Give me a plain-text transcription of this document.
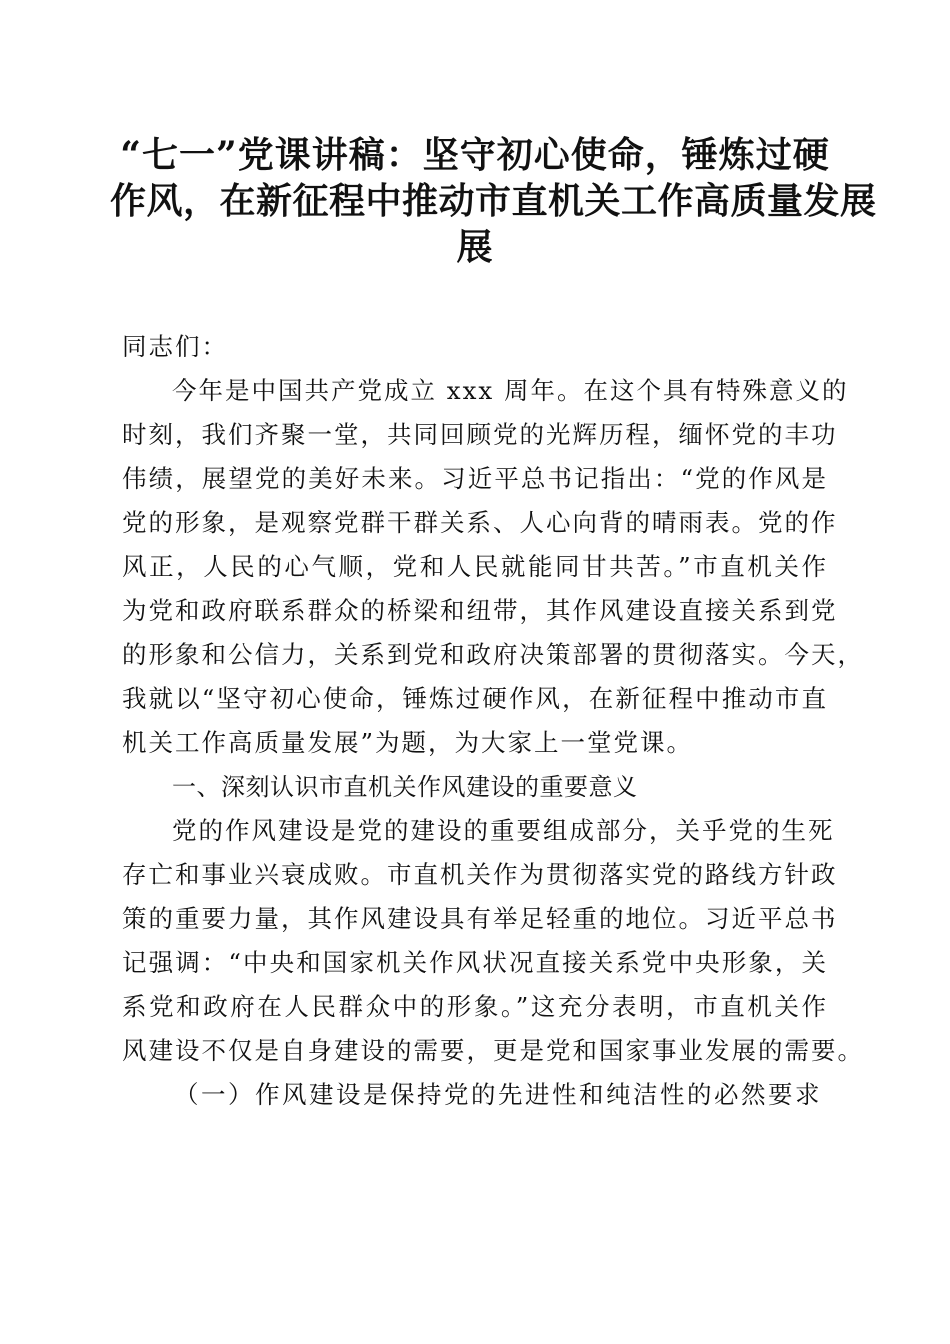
“七一”党课讲稿：坚守初心使命，锤炼过硬
作风，在新征程中推动市直机关工作高质量发展
展
同志们：
今年是中国共产党成立 xxx 周年。在这个具有特殊意义的
时刻，我们齐聚一堂，共同回顾党的光辉历程，缅怀党的丰功
伟绩，展望党的美好未来。习近平总书记指出：“党的作风是
党的形象，是观察党群干群关系、人心向背的晴雨表。党的作
风正，人民的心气顺，党和人民就能同甘共苦。”市直机关作
为党和政府联系群众的桥梁和纽带，其作风建设直接关系到党
的形象和公信力，关系到党和政府决策部署的贯彻落实。今天，
我就以“坚守初心使命，锤炼过硬作风，在新征程中推动市直
机关工作高质量发展”为题，为大家上一堂党课。
一、深刻认识市直机关作风建设的重要意义
党的作风建设是党的建设的重要组成部分，关乎党的生死
存亡和事业兴衰成败。市直机关作为贯彻落实党的路线方针政
策的重要力量，其作风建设具有举足轻重的地位。习近平总书
记强调：“中央和国家机关作风状况直接关系党中央形象，关
系党和政府在人民群众中的形象。”这充分表明，市直机关作
风建设不仅是自身建设的需要，更是党和国家事业发展的需要。
（一）作风建设是保持党的先进性和纯洁性的必然要求
